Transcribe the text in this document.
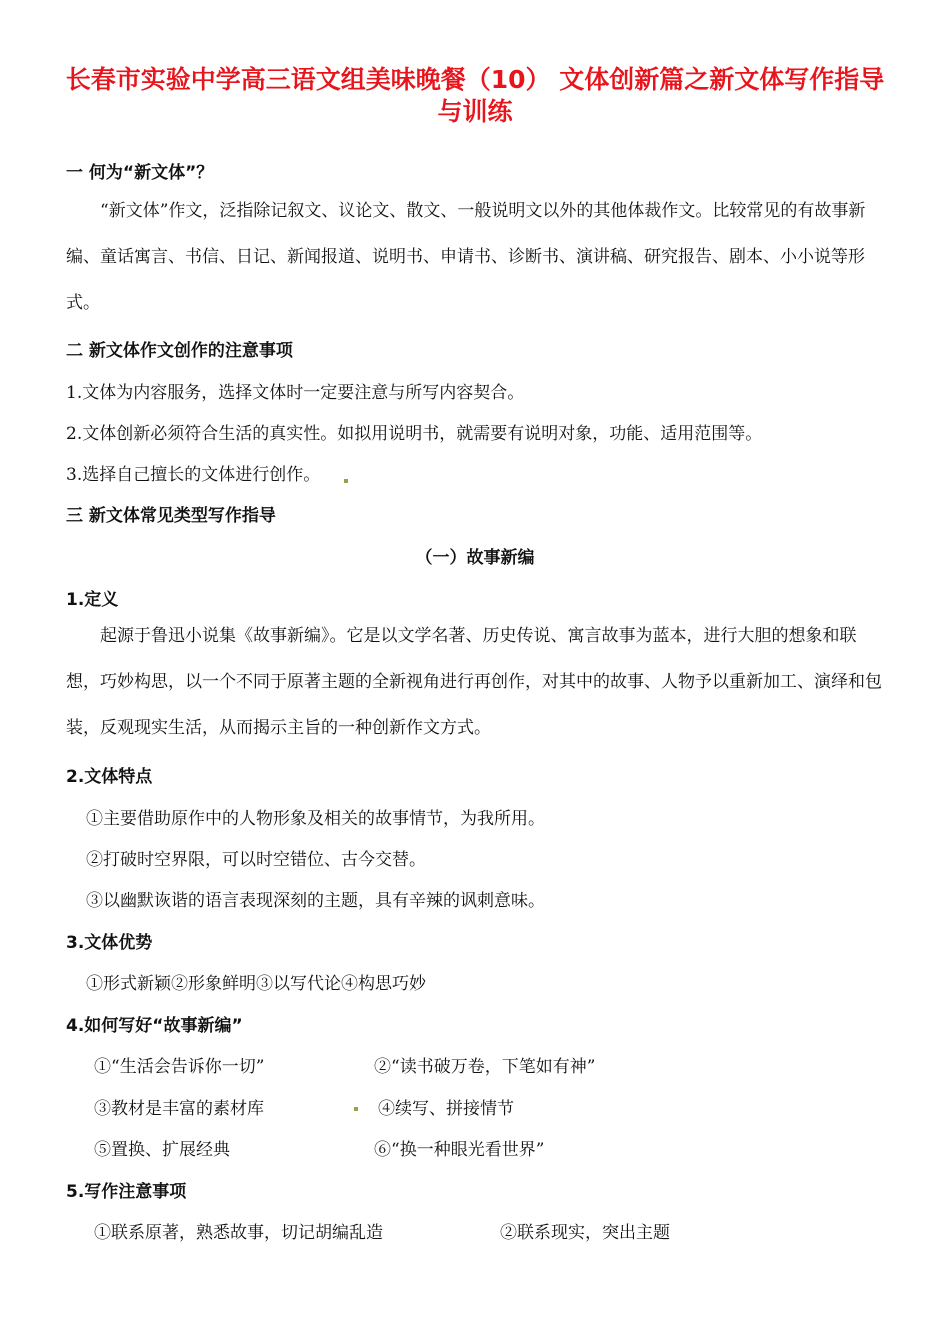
长春市实验中学高三语文组美味晚餐（10） 文体创新篇之新文体写作指导与训练
一 何为“新文体”？
“新文体”作文，泛指除记叙文、议论文、散文、一般说明文以外的其他体裁作文。比较常见的有故事新编、童话寓言、书信、日记、新闻报道、说明书、申请书、诊断书、演讲稿、研究报告、剧本、小小说等形式。
二 新文体作文创作的注意事项
1.文体为内容服务，选择文体时一定要注意与所写内容契合。
2.文体创新必须符合生活的真实性。如拟用说明书，就需要有说明对象，功能、适用范围等。
3.选择自己擅长的文体进行创作。
三 新文体常见类型写作指导
（一）故事新编
1.定义
起源于鲁迅小说集《故事新编》。它是以文学名著、历史传说、寓言故事为蓝本，进行大胆的想象和联想，巧妙构思，以一个不同于原著主题的全新视角进行再创作，对其中的故事、人物予以重新加工、演绎和包装，反观现实生活，从而揭示主旨的一种创新作文方式。
2.文体特点
①主要借助原作中的人物形象及相关的故事情节，为我所用。
②打破时空界限，可以时空错位、古今交替。
③以幽默诙谐的语言表现深刻的主题，具有辛辣的讽刺意味。
3.文体优势
①形式新颖②形象鲜明③以写代论④构思巧妙
4.如何写好“故事新编”
①“生活会告诉你一切”	②“读书破万卷，下笔如有神”
③教材是丰富的素材库	④续写、拼接情节
⑤置换、扩展经典	⑥“换一种眼光看世界”
5.写作注意事项
①联系原著，熟悉故事，切记胡编乱造	②联系现实，突出主题
